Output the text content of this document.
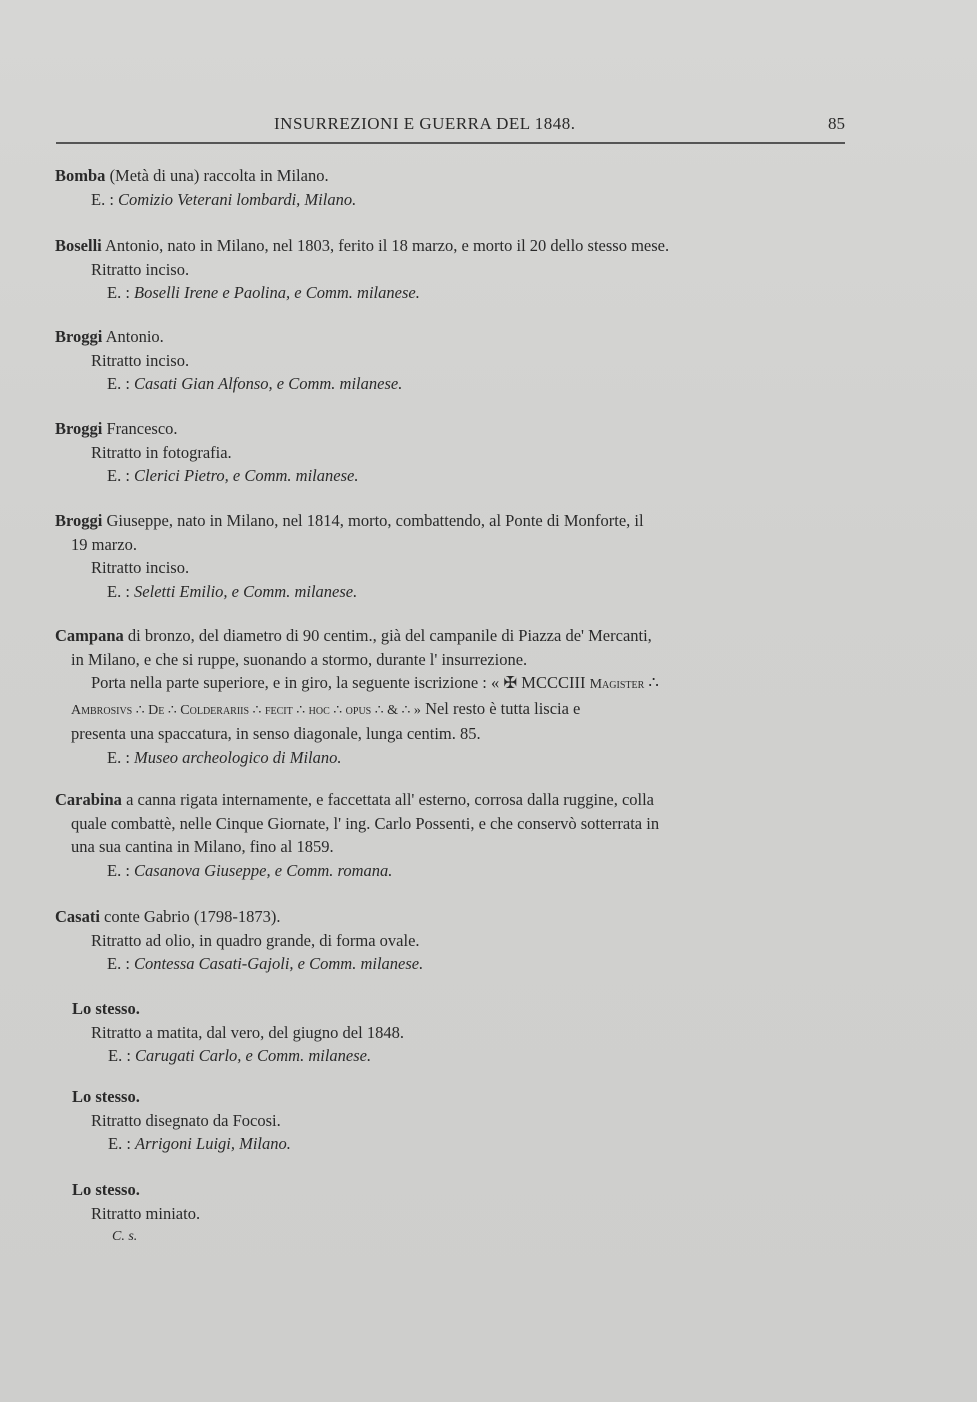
INSURREZIONI E GUERRA DEL 1848.	85
Bomba (Metà di una) raccolta in Milano.
E. : Comizio Veterani lombardi, Milano.
Boselli Antonio, nato in Milano, nel 1803, ferito il 18 marzo, e morto il 20 dello stesso mese.
Ritratto inciso.
E. : Boselli Irene e Paolina, e Comm. milanese.
Broggi Antonio.
Ritratto inciso.
E. : Casati Gian Alfonso, e Comm. milanese.
Broggi Francesco.
Ritratto in fotografia.
E. : Clerici Pietro, e Comm. milanese.
Broggi Giuseppe, nato in Milano, nel 1814, morto, combattendo, al Ponte di Monforte, il
19 marzo.
Ritratto inciso.
E. : Seletti Emilio, e Comm. milanese.
Campana di bronzo, del diametro di 90 centim., già del campanile di Piazza de' Mercanti,
in Milano, e che si ruppe, suonando a stormo, durante l' insurrezione.
Porta nella parte superiore, e in giro, la seguente iscrizione : « ✠ MCCCIII Magister ∴
Ambrosivs ∴ De ∴ Colderariis ∴ fecit ∴ hoc ∴ opus ∴ & ∴ » Nel resto è tutta liscia e
presenta una spaccatura, in senso diagonale, lunga centim. 85.
E. : Museo archeologico di Milano.
Carabina a canna rigata internamente, e faccettata all' esterno, corrosa dalla ruggine, colla
quale combattè, nelle Cinque Giornate, l' ing. Carlo Possenti, e che conservò sotterrata in
una sua cantina in Milano, fino al 1859.
E. : Casanova Giuseppe, e Comm. romana.
Casati conte Gabrio (1798-1873).
Ritratto ad olio, in quadro grande, di forma ovale.
E. : Contessa Casati-Gajoli, e Comm. milanese.
Lo stesso.
Ritratto a matita, dal vero, del giugno del 1848.
E. : Carugati Carlo, e Comm. milanese.
Lo stesso.
Ritratto disegnato da Focosi.
E. : Arrigoni Luigi, Milano.
Lo stesso.
Ritratto miniato.
C. s.
